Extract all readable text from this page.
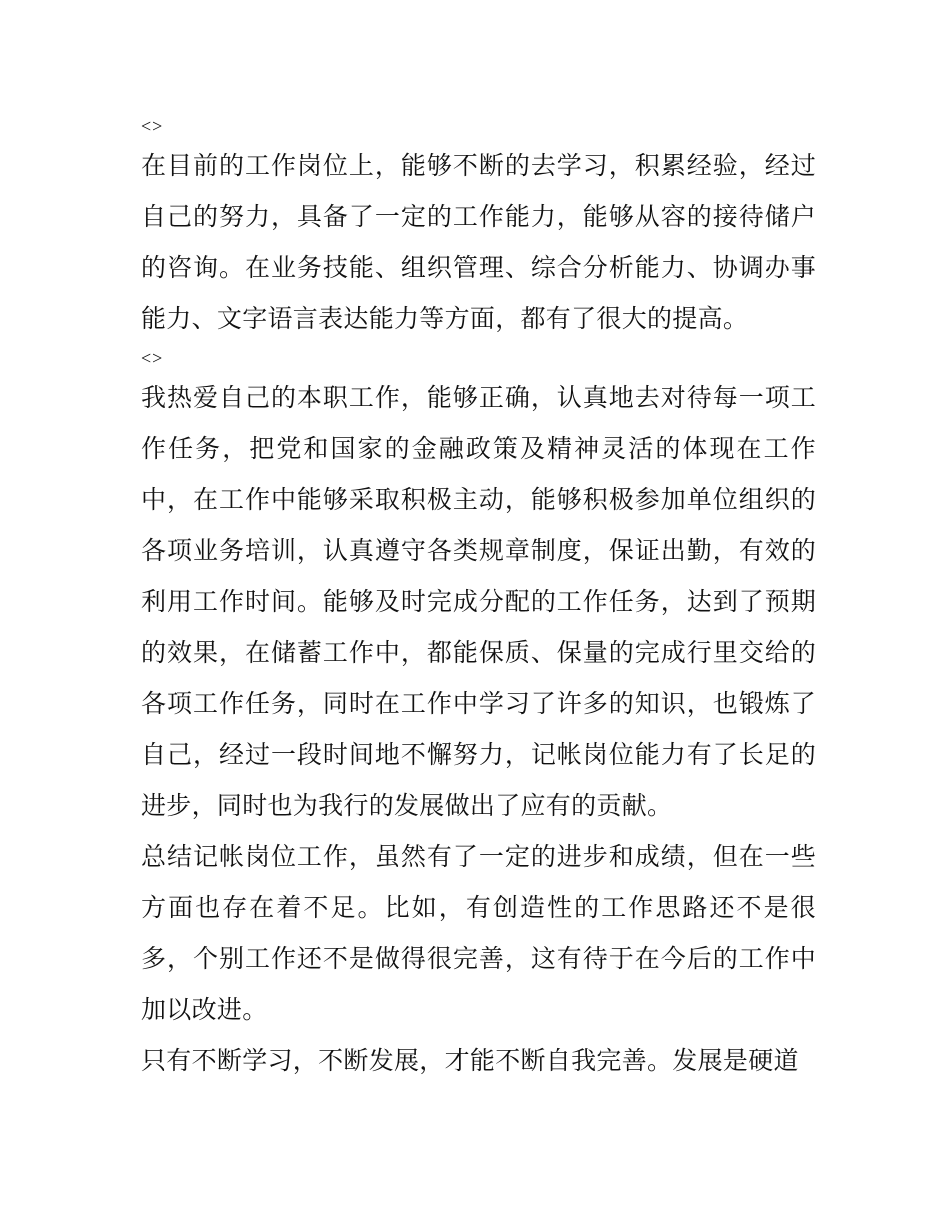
<>

在目前的工作岗位上，能够不断的去学习，积累经验，经过自己的努力，具备了一定的工作能力，能够从容的接待储户的咨询。在业务技能、组织管理、综合分析能力、协调办事能力、文字语言表达能力等方面，都有了很大的提高。

<>

我热爱自己的本职工作，能够正确，认真地去对待每一项工作任务，把党和国家的金融政策及精神灵活的体现在工作中，在工作中能够采取积极主动，能够积极参加单位组织的各项业务培训，认真遵守各类规章制度，保证出勤，有效的利用工作时间。能够及时完成分配的工作任务，达到了预期的效果，在储蓄工作中，都能保质、保量的完成行里交给的各项工作任务，同时在工作中学习了许多的知识，也锻炼了自己，经过一段时间地不懈努力，记帐岗位能力有了长足的进步，同时也为我行的发展做出了应有的贡献。

总结记帐岗位工作，虽然有了一定的进步和成绩，但在一些方面也存在着不足。比如，有创造性的工作思路还不是很多，个别工作还不是做得很完善，这有待于在今后的工作中加以改进。

只有不断学习，不断发展，才能不断自我完善。发展是硬道
